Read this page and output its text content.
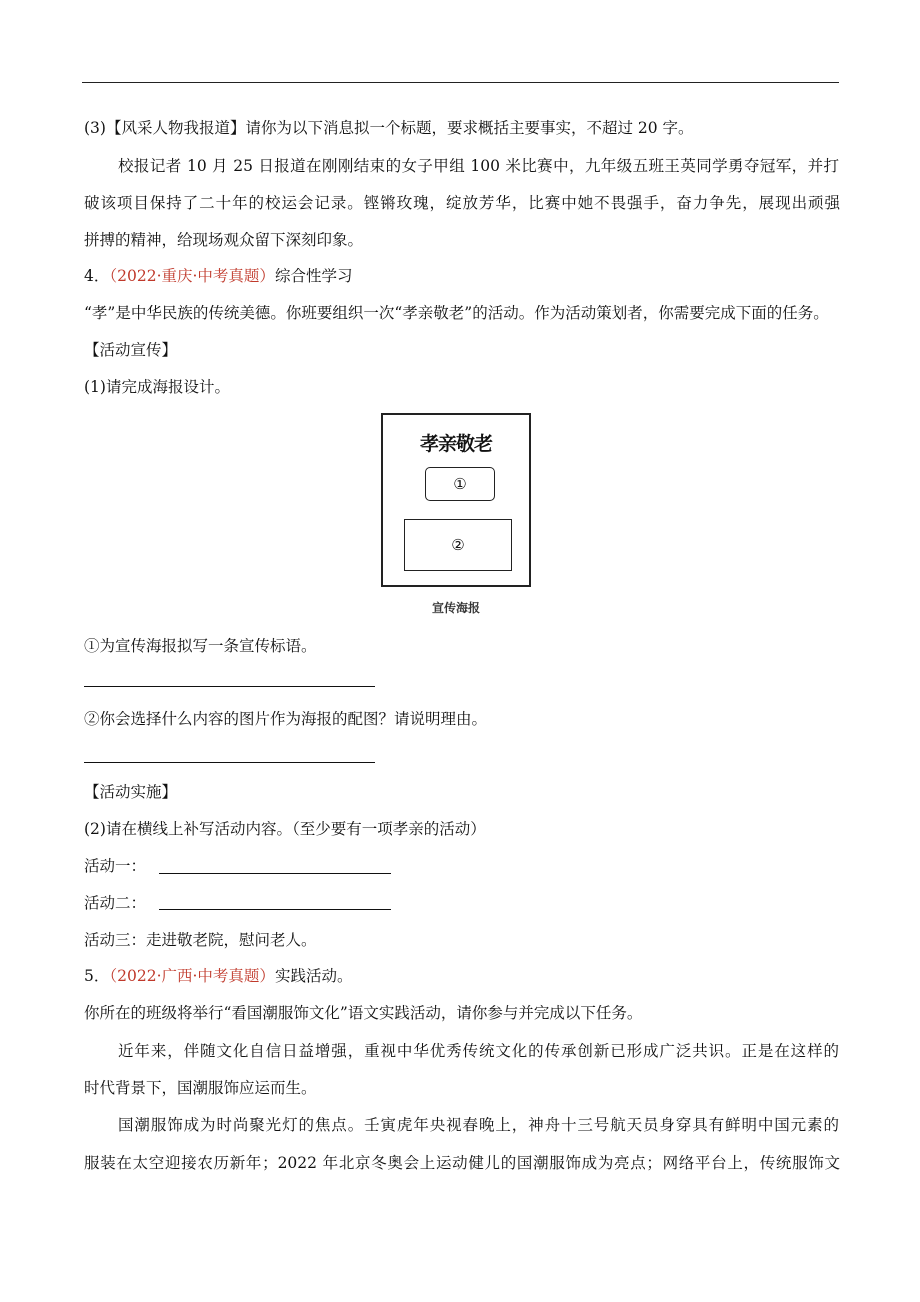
(3)【风采人物我报道】请你为以下消息拟一个标题，要求概括主要事实，不超过 20 字。
校报记者 10 月 25 日报道在刚刚结束的女子甲组 100 米比赛中，九年级五班王英同学勇夺冠军，并打
破该项目保持了二十年的校运会记录。铿锵玫瑰，绽放芳华，比赛中她不畏强手，奋力争先，展现出顽强
拼搏的精神，给现场观众留下深刻印象。
4．（2022·重庆·中考真题）综合性学习
“孝”是中华民族的传统美德。你班要组织一次“孝亲敬老”的活动。作为活动策划者，你需要完成下面的任务。
【活动宣传】
(1)请完成海报设计。
孝亲敬老
①
②
宣传海报
①为宣传海报拟写一条宣传标语。
②你会选择什么内容的图片作为海报的配图？请说明理由。
【活动实施】
(2)请在横线上补写活动内容。（至少要有一项孝亲的活动）
活动一：
活动二：
活动三：走进敬老院，慰问老人。
5．（2022·广西·中考真题）实践活动。
你所在的班级将举行“看国潮服饰文化”语文实践活动，请你参与并完成以下任务。
近年来，伴随文化自信日益增强，重视中华优秀传统文化的传承创新已形成广泛共识。正是在这样的
时代背景下，国潮服饰应运而生。
国潮服饰成为时尚聚光灯的焦点。壬寅虎年央视春晚上，神舟十三号航天员身穿具有鲜明中国元素的
服装在太空迎接农历新年；2022 年北京冬奥会上运动健儿的国潮服饰成为亮点；网络平台上，传统服饰文
